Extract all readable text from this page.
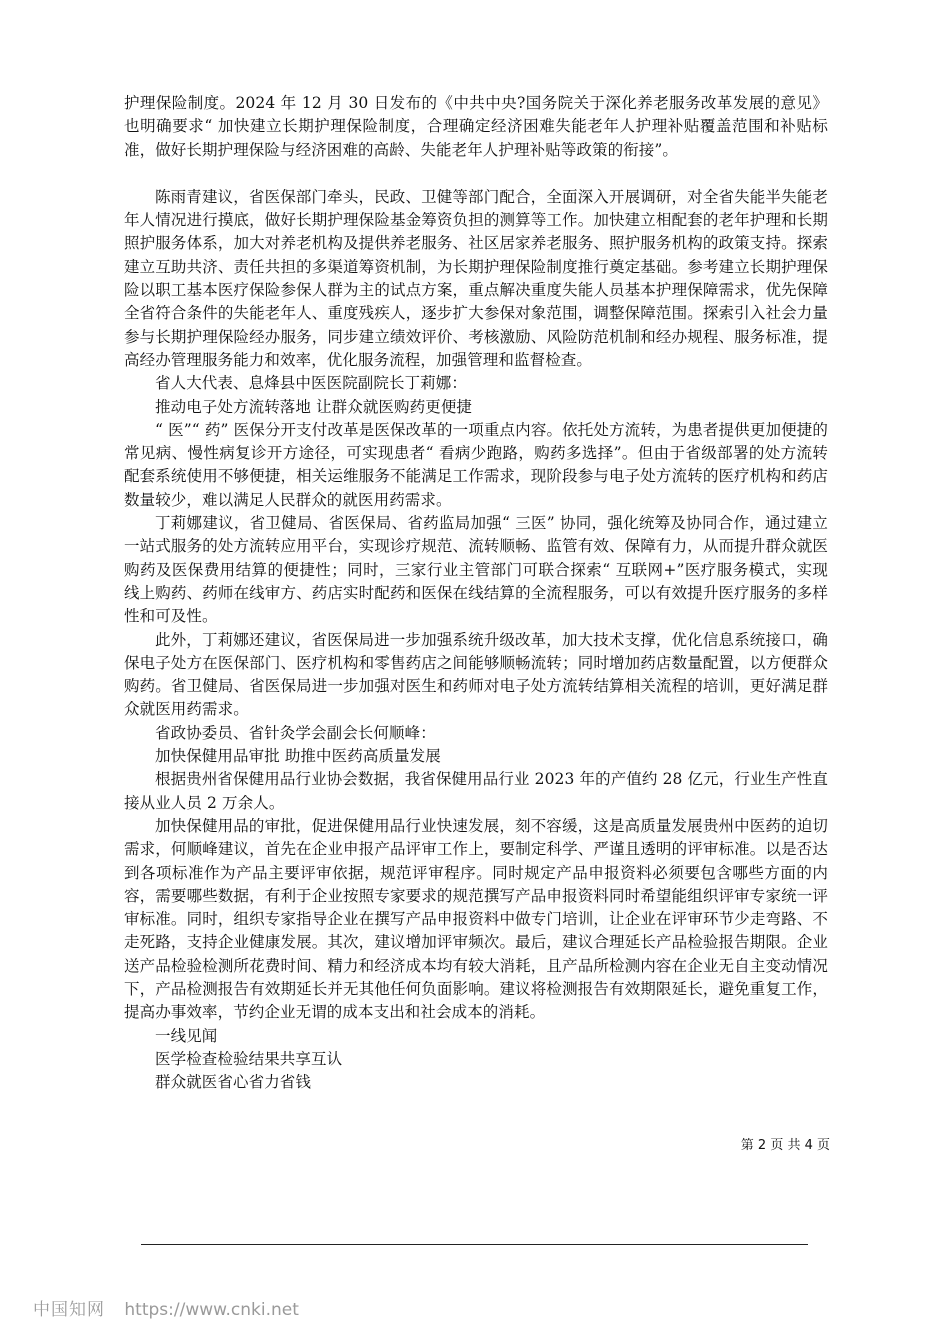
护理保险制度。2024 年 12 月 30 日发布的《中共中央?国务院关于深化养老服务改革发展的意见》也明确要求“ 加快建立长期护理保险制度，合理确定经济困难失能老年人护理补贴覆盖范围和补贴标准，做好长期护理保险与经济困难的高龄、失能老年人护理补贴等政策的衔接”。

陈雨青建议，省医保部门牵头，民政、卫健等部门配合，全面深入开展调研，对全省失能半失能老年人情况进行摸底，做好长期护理保险基金筹资负担的测算等工作。加快建立相配套的老年护理和长期照护服务体系，加大对养老机构及提供养老服务、社区居家养老服务、照护服务机构的政策支持。探索建立互助共济、责任共担的多渠道筹资机制，为长期护理保险制度推行奠定基础。参考建立长期护理保险以职工基本医疗保险参保人群为主的试点方案，重点解决重度失能人员基本护理保障需求，优先保障全省符合条件的失能老年人、重度残疾人，逐步扩大参保对象范围，调整保障范围。探索引入社会力量参与长期护理保险经办服务，同步建立绩效评价、考核激励、风险防范机制和经办规程、服务标准，提高经办管理服务能力和效率，优化服务流程，加强管理和监督检查。

省人大代表、息烽县中医医院副院长丁莉娜：

推动电子处方流转落地 让群众就医购药更便捷

“ 医”“ 药” 医保分开支付改革是医保改革的一项重点内容。依托处方流转，为患者提供更加便捷的常见病、慢性病复诊开方途径，可实现患者“ 看病少跑路，购药多选择”。但由于省级部署的处方流转配套系统使用不够便捷，相关运维服务不能满足工作需求，现阶段参与电子处方流转的医疗机构和药店数量较少，难以满足人民群众的就医用药需求。

丁莉娜建议，省卫健局、省医保局、省药监局加强“ 三医” 协同，强化统筹及协同合作，通过建立一站式服务的处方流转应用平台，实现诊疗规范、流转顺畅、监管有效、保障有力，从而提升群众就医购药及医保费用结算的便捷性；同时，三家行业主管部门可联合探索“ 互联网+”医疗服务模式，实现线上购药、药师在线审方、药店实时配药和医保在线结算的全流程服务，可以有效提升医疗服务的多样性和可及性。

此外，丁莉娜还建议，省医保局进一步加强系统升级改革，加大技术支撑，优化信息系统接口，确保电子处方在医保部门、医疗机构和零售药店之间能够顺畅流转；同时增加药店数量配置，以方便群众购药。省卫健局、省医保局进一步加强对医生和药师对电子处方流转结算相关流程的培训，更好满足群众就医用药需求。

省政协委员、省针灸学会副会长何顺峰：

加快保健用品审批 助推中医药高质量发展

根据贵州省保健用品行业协会数据，我省保健用品行业 2023 年的产值约 28 亿元，行业生产性直接从业人员 2 万余人。

加快保健用品的审批，促进保健用品行业快速发展，刻不容缓，这是高质量发展贵州中医药的迫切需求，何顺峰建议，首先在企业申报产品评审工作上，要制定科学、严谨且透明的评审标准。以是否达到各项标准作为产品主要评审依据，规范评审程序。同时规定产品申报资料必须要包含哪些方面的内容，需要哪些数据，有利于企业按照专家要求的规范撰写产品申报资料同时希望能组织评审专家统一评审标准。同时，组织专家指导企业在撰写产品申报资料中做专门培训，让企业在评审环节少走弯路、不走死路，支持企业健康发展。其次，建议增加评审频次。最后，建议合理延长产品检验报告期限。企业送产品检验检测所花费时间、精力和经济成本均有较大消耗，且产品所检测内容在企业无自主变动情况下，产品检测报告有效期延长并无其他任何负面影响。建议将检测报告有效期限延长，避免重复工作，提高办事效率，节约企业无谓的成本支出和社会成本的消耗。

一线见闻

医学检查检验结果共享互认

群众就医省心省力省钱

第 2 页 共 4 页
中国知网 https://www.cnki.net
